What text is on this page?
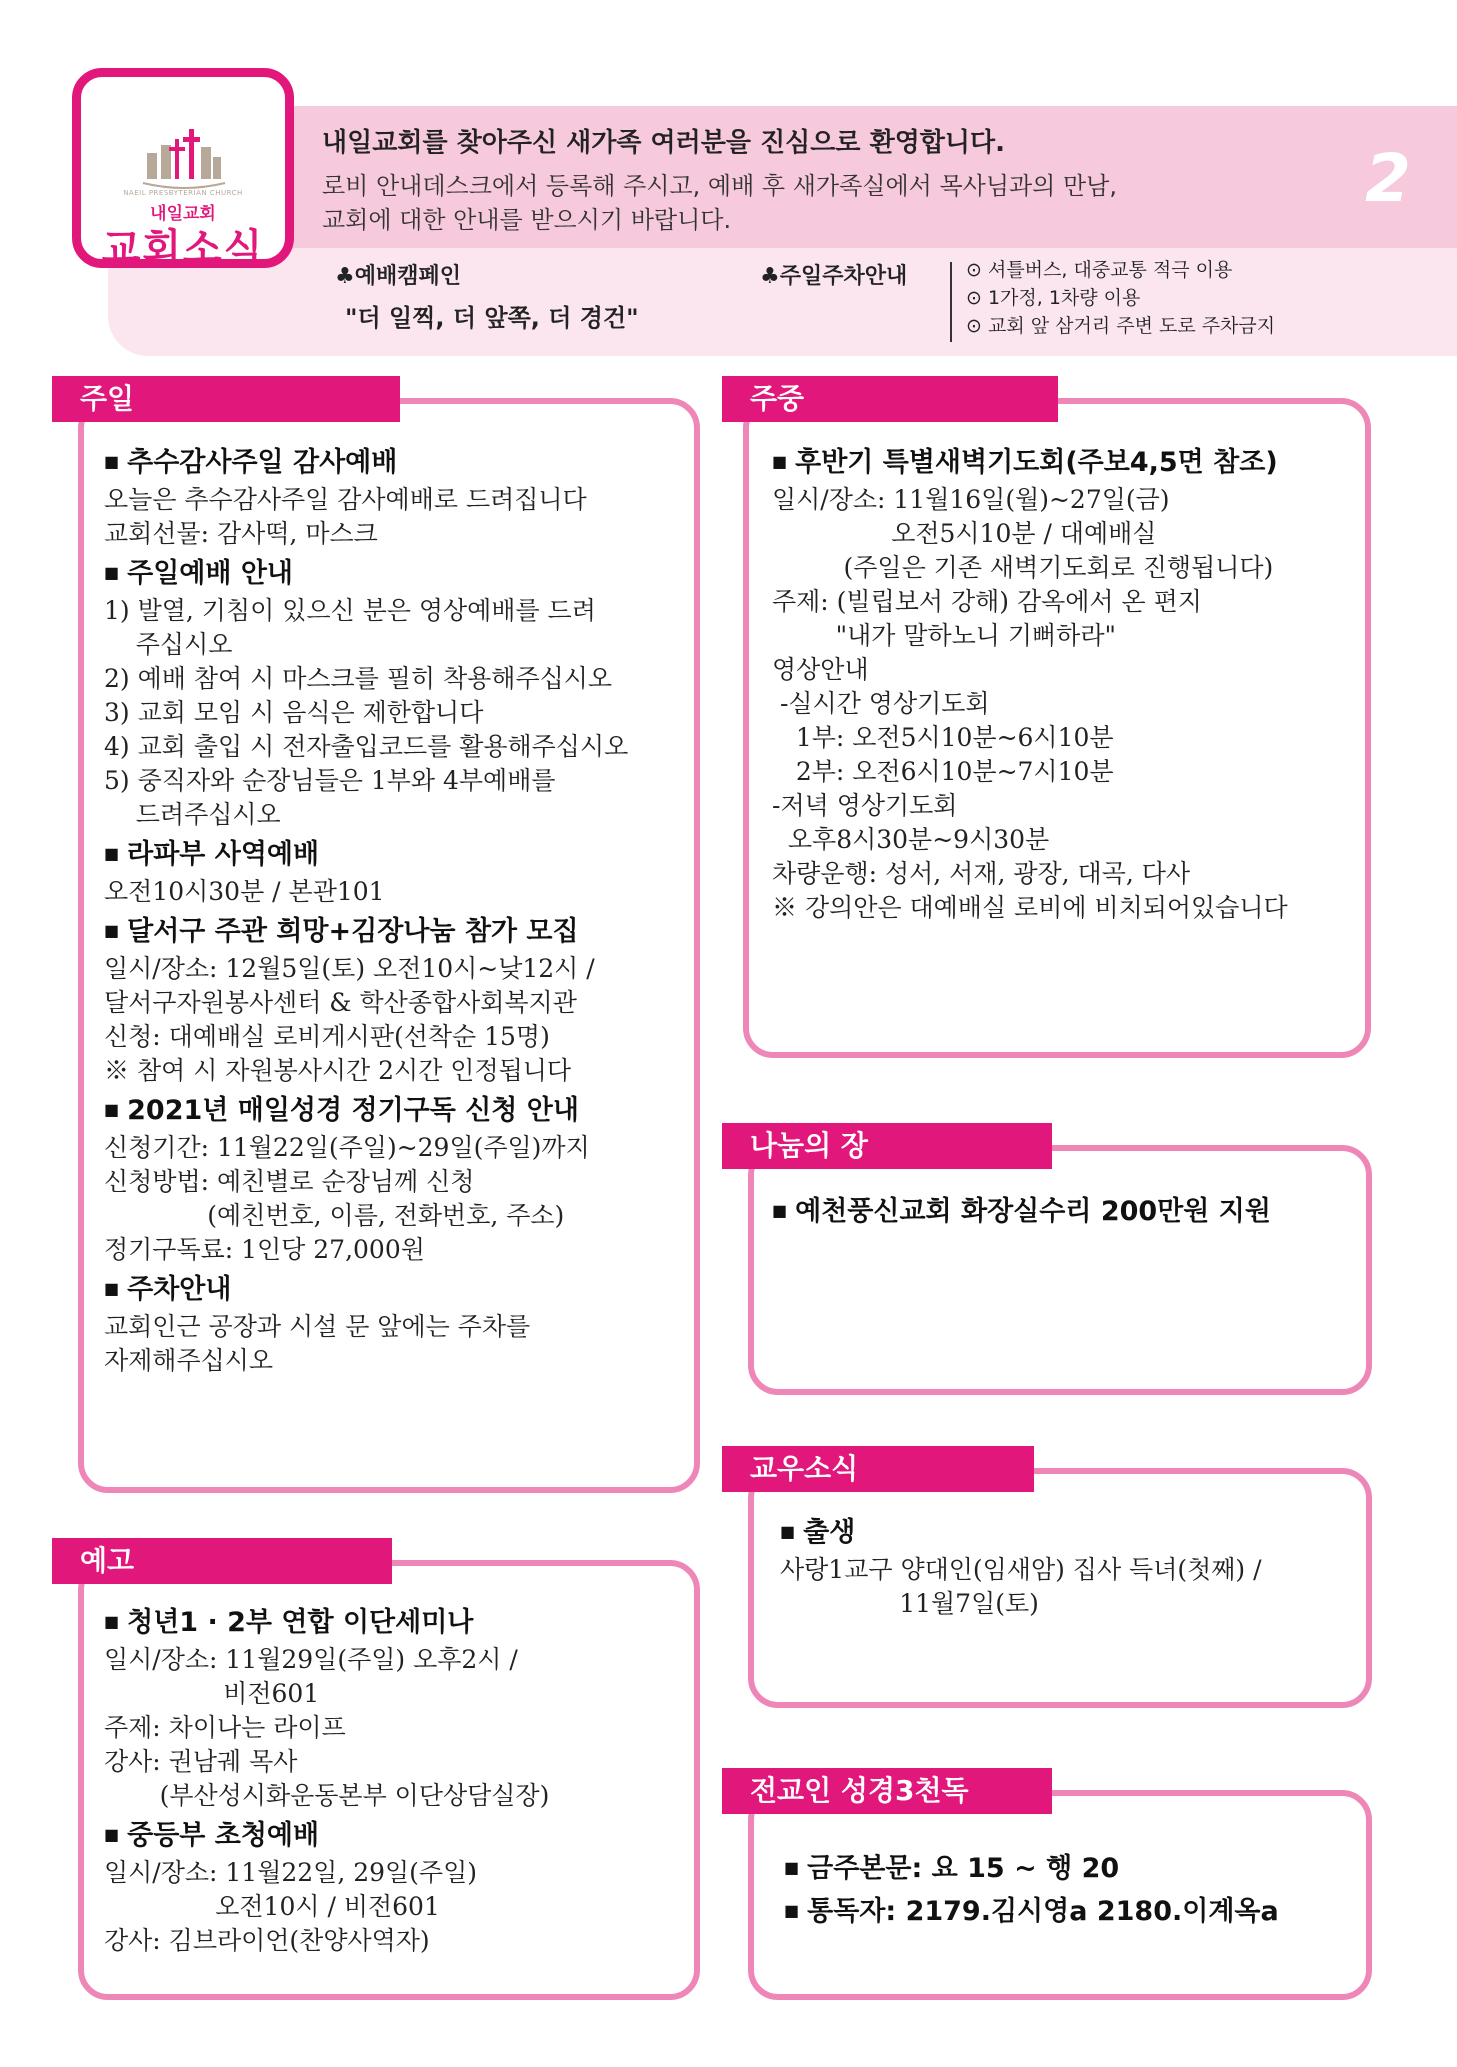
NAEIL PRESBYTERIAN CHURCH
내일교회
교회소식
내일교회를 찾아주신 새가족 여러분을 진심으로 환영합니다.
로비 안내데스크에서 등록해 주시고, 예배 후 새가족실에서 목사님과의 만남,
교회에 대한 안내를 받으시기 바랍니다.
2
♣예배캠페인
"더 일찍, 더 앞쪽, 더 경건"
♣주일주차안내
⊙	셔틀버스, 대중교통 적극 이용
⊙ 1가정, 1차량 이용
⊙ 교회 앞 삼거리 주변 도로 주차금지
주일
■ 추수감사주일 감사예배
오늘은 추수감사주일 감사예배로 드려집니다
교회선물: 감사떡, 마스크
■ 주일예배 안내
1) 발열, 기침이 있으신 분은 영상예배를 드려
주십시오
2) 예배 참여 시 마스크를 필히 착용해주십시오
3) 교회 모임 시 음식은 제한합니다
4) 교회 출입 시 전자출입코드를 활용해주십시오
5) 중직자와 순장님들은 1부와 4부예배를
드려주십시오
■ 라파부 사역예배
오전10시30분 / 본관101
■ 달서구 주관 희망+김장나눔 참가 모집
일시/장소: 12월5일(토) 오전10시~낮12시 /
달서구자원봉사센터 & 학산종합사회복지관
신청: 대예배실 로비게시판(선착순 15명)
※ 참여 시 자원봉사시간 2시간 인정됩니다
■ 2021년 매일성경 정기구독 신청 안내
신청기간: 11월22일(주일)~29일(주일)까지
신청방법: 예친별로 순장님께 신청
(예친번호, 이름, 전화번호, 주소)
정기구독료: 1인당 27,000원
■ 주차안내
교회인근 공장과 시설 문 앞에는 주차를
자제해주십시오
예고
■ 청년1 · 2부 연합 이단세미나
일시/장소: 11월29일(주일) 오후2시 /
비전601
주제: 차이나는 라이프
강사: 권남궤 목사
(부산성시화운동본부 이단상담실장)
■ 중등부 초청예배
일시/장소: 11월22일, 29일(주일)
오전10시 / 비전601
강사: 김브라이언(찬양사역자)
주중
■ 후반기 특별새벽기도회(주보4,5면 참조)
일시/장소: 11월16일(월)~27일(금)
오전5시10분 / 대예배실
(주일은 기존 새벽기도회로 진행됩니다)
주제: (빌립보서 강해) 감옥에서 온 편지
"내가 말하노니 기뻐하라"
영상안내
-실시간 영상기도회
1부: 오전5시10분~6시10분
2부: 오전6시10분~7시10분
-저녁 영상기도회
오후8시30분~9시30분
차량운행: 성서, 서재, 광장, 대곡, 다사
※ 강의안은 대예배실 로비에 비치되어있습니다
나눔의 장
■ 예천풍신교회 화장실수리 200만원 지원
교우소식
■ 출생
사랑1교구 양대인(임새암) 집사 득녀(첫째) /
11월7일(토)
전교인 성경3천독
■ 금주본문: 요 15 ~ 행 20
■ 통독자: 2179.김시영a 2180.이계옥a
